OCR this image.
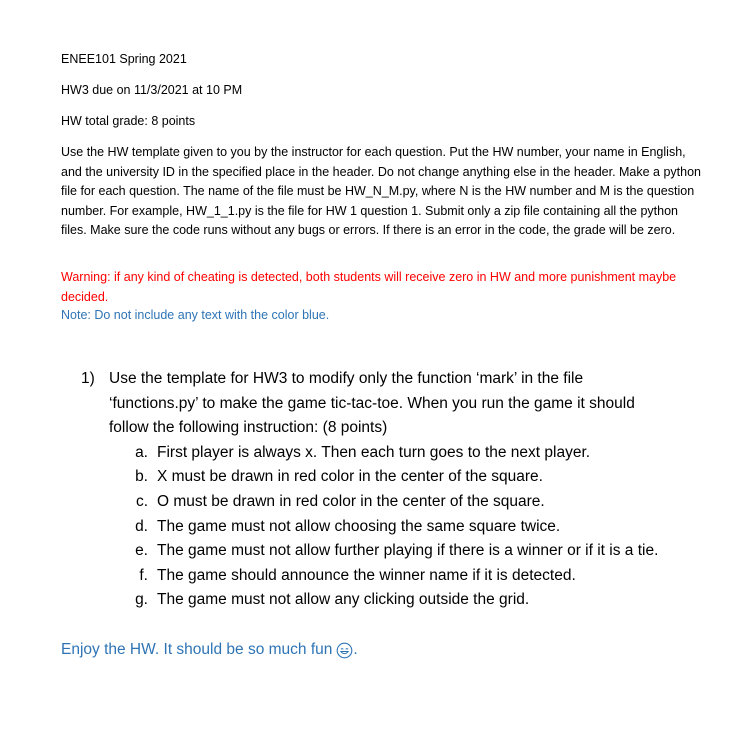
ENEE101 Spring 2021
HW3 due on 11/3/2021 at 10 PM
HW total grade: 8 points
Use the HW template given to you by the instructor for each question. Put the HW number, your name in English, and the university ID in the specified place in the header. Do not change anything else in the header. Make a python file for each question. The name of the file must be HW_N_M.py, where N is the HW number and M is the question number. For example, HW_1_1.py is the file for HW 1 question 1. Submit only a zip file containing all the python files. Make sure the code runs without any bugs or errors. If there is an error in the code, the grade will be zero.
Warning: if any kind of cheating is detected, both students will receive zero in HW and more punishment maybe decided.
Note: Do not include any text with the color blue.
1) Use the template for HW3 to modify only the function ‘mark’ in the file ‘functions.py’ to make the game tic-tac-toe. When you run the game it should follow the following instruction: (8 points)
a. First player is always x. Then each turn goes to the next player.
b. X must be drawn in red color in the center of the square.
c. O must be drawn in red color in the center of the square.
d. The game must not allow choosing the same square twice.
e. The game must not allow further playing if there is a winner or if it is a tie.
f. The game should announce the winner name if it is detected.
g. The game must not allow any clicking outside the grid.
Enjoy the HW. It should be so much fun .
